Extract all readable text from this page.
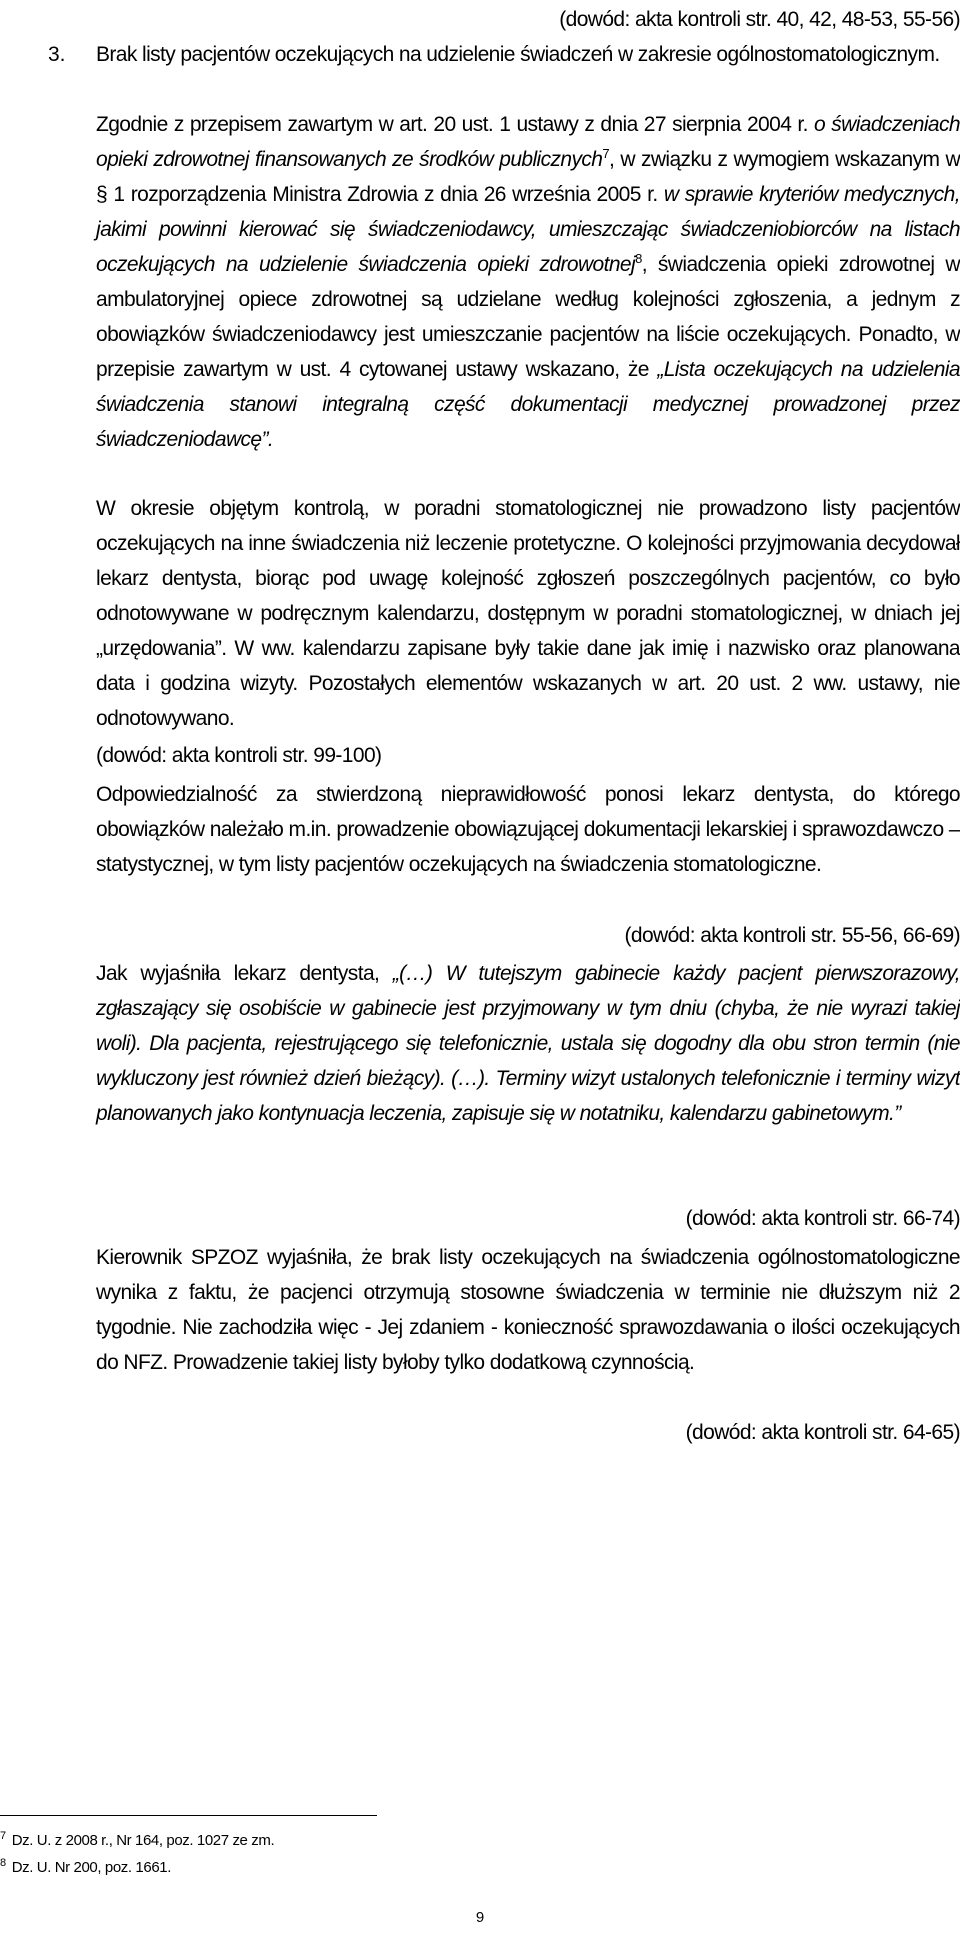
(dowód: akta kontroli str. 40, 42, 48-53, 55-56)
3. Brak listy pacjentów oczekujących na udzielenie świadczeń w zakresie ogólnostomatologicznym.
Zgodnie z przepisem zawartym w art. 20 ust. 1 ustawy z dnia 27 sierpnia 2004 r. o świadczeniach opieki zdrowotnej finansowanych ze środków publicznych$^7$, w związku z wymogiem wskazanym w § 1 rozporządzenia Ministra Zdrowia z dnia 26 września 2005 r. w sprawie kryteriów medycznych, jakimi powinni kierować się świadczeniodawcy, umieszczając świadczeniobiorców na listach oczekujących na udzielenie świadczenia opieki zdrowotnej$^8$, świadczenia opieki zdrowotnej w ambulatoryjnej opiece zdrowotnej są udzielane według kolejności zgłoszenia, a jednym z obowiązków świadczeniodawcy jest umieszczanie pacjentów na liście oczekujących. Ponadto, w przepisie zawartym w ust. 4 cytowanej ustawy wskazano, że „Lista oczekujących na udzielenia świadczenia stanowi integralną część dokumentacji medycznej prowadzonej przez świadczeniodawcę”.
W okresie objętym kontrolą, w poradni stomatologicznej nie prowadzono listy pacjentów oczekujących na inne świadczenia niż leczenie protetyczne. O kolejności przyjmowania decydował lekarz dentysta, biorąc pod uwagę kolejność zgłoszeń poszczególnych pacjentów, co było odnotowywane w podręcznym kalendarzu, dostępnym w poradni stomatologicznej, w dniach jej „urzędowania”. W ww. kalendarzu zapisane były takie dane jak imię i nazwisko oraz planowana data i godzina wizyty. Pozostałych elementów wskazanych w art. 20 ust. 2 ww. ustawy, nie odnotowywano.
(dowód: akta kontroli str. 99-100)
Odpowiedzialność za stwierdzoną nieprawidłowość ponosi lekarz dentysta, do którego obowiązków należało m.in. prowadzenie obowiązującej dokumentacji lekarskiej i sprawozdawczo – statystycznej, w tym listy pacjentów oczekujących na świadczenia stomatologiczne.
(dowód: akta kontroli str. 55-56, 66-69)
Jak wyjaśniła lekarz dentysta, „(…) W tutejszym gabinecie każdy pacjent pierwszorazowy, zgłaszający się osobiście w gabinecie jest przyjmowany w tym dniu (chyba, że nie wyrazi takiej woli). Dla pacjenta, rejestrującego się telefonicznie, ustala się dogodny dla obu stron termin (nie wykluczony jest również dzień bieżący). (…). Terminy wizyt ustalonych telefonicznie i terminy wizyt planowanych jako kontynuacja leczenia, zapisuje się w notatniku, kalendarzu gabinetowym.”
(dowód: akta kontroli str. 66-74)
Kierownik SPZOZ wyjaśniła, że brak listy oczekujących na świadczenia ogólnostomatologiczne wynika z faktu, że pacjenci otrzymują stosowne świadczenia w terminie nie dłuższym niż 2 tygodnie. Nie zachodziła więc - Jej zdaniem - konieczność sprawozdawania o ilości oczekujących do NFZ. Prowadzenie takiej listy byłoby tylko dodatkową czynnością.
(dowód: akta kontroli str. 64-65)
$^7$ Dz. U. z 2008 r., Nr 164, poz. 1027 ze zm.
$^8$ Dz. U. Nr 200, poz. 1661.
9
